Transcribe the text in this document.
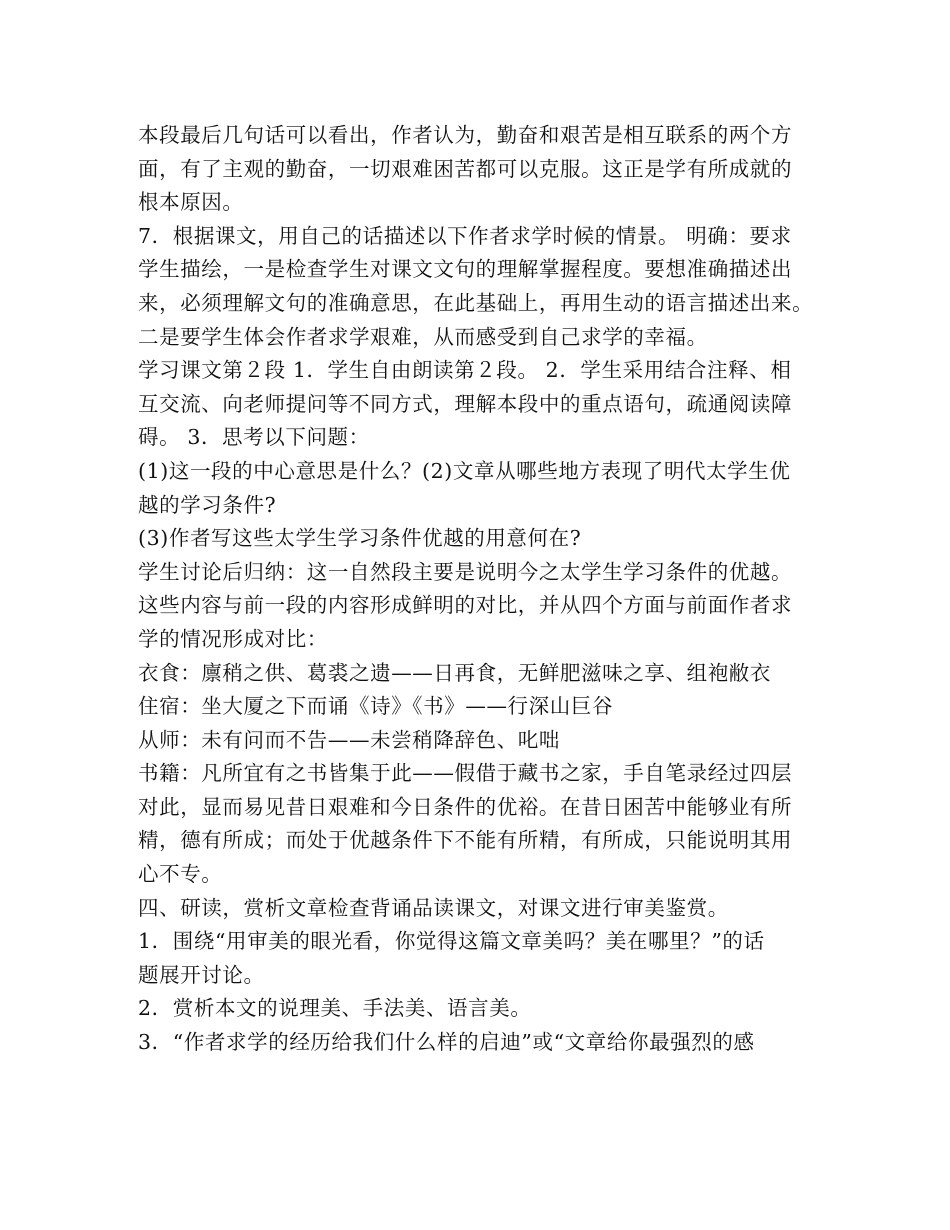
本段最后几句话可以看出，作者认为，勤奋和艰苦是相互联系的两个方
面，有了主观的勤奋，一切艰难困苦都可以克服。这正是学有所成就的
根本原因。
7．根据课文，用自己的话描述以下作者求学时候的情景。 明确：要求
学生描绘，一是检查学生对课文文句的理解掌握程度。要想准确描述出
来，必须理解文句的准确意思，在此基础上，再用生动的语言描述出来。
二是要学生体会作者求学艰难，从而感受到自己求学的幸福。
学习课文第２段 1．学生自由朗读第２段。 2．学生采用结合注释、相
互交流、向老师提问等不同方式，理解本段中的重点语句，疏通阅读障
碍。 3．思考以下问题：
(1)这一段的中心意思是什么？(2)文章从哪些地方表现了明代太学生优
越的学习条件?
(3)作者写这些太学生学习条件优越的用意何在?
学生讨论后归纳：这一自然段主要是说明今之太学生学习条件的优越。
这些内容与前一段的内容形成鲜明的对比，并从四个方面与前面作者求
学的情况形成对比：
衣食：廪稍之供、葛裘之遗——日再食，无鲜肥滋味之享、组袍敝衣
住宿：坐大厦之下而诵《诗》《书》——行深山巨谷
从师：未有问而不告——未尝稍降辞色、叱咄
书籍：凡所宜有之书皆集于此——假借于藏书之家，手自笔录经过四层
对此，显而易见昔日艰难和今日条件的优裕。在昔日困苦中能够业有所
精，德有所成；而处于优越条件下不能有所精，有所成，只能说明其用
心不专。
四、研读，赏析文章检查背诵品读课文，对课文进行审美鉴赏。
1．围绕“用审美的眼光看，你觉得这篇文章美吗？美在哪里？”的话
题展开讨论。
2．赏析本文的说理美、手法美、语言美。
3．“作者求学的经历给我们什么样的启迪”或“文章给你最强烈的感
